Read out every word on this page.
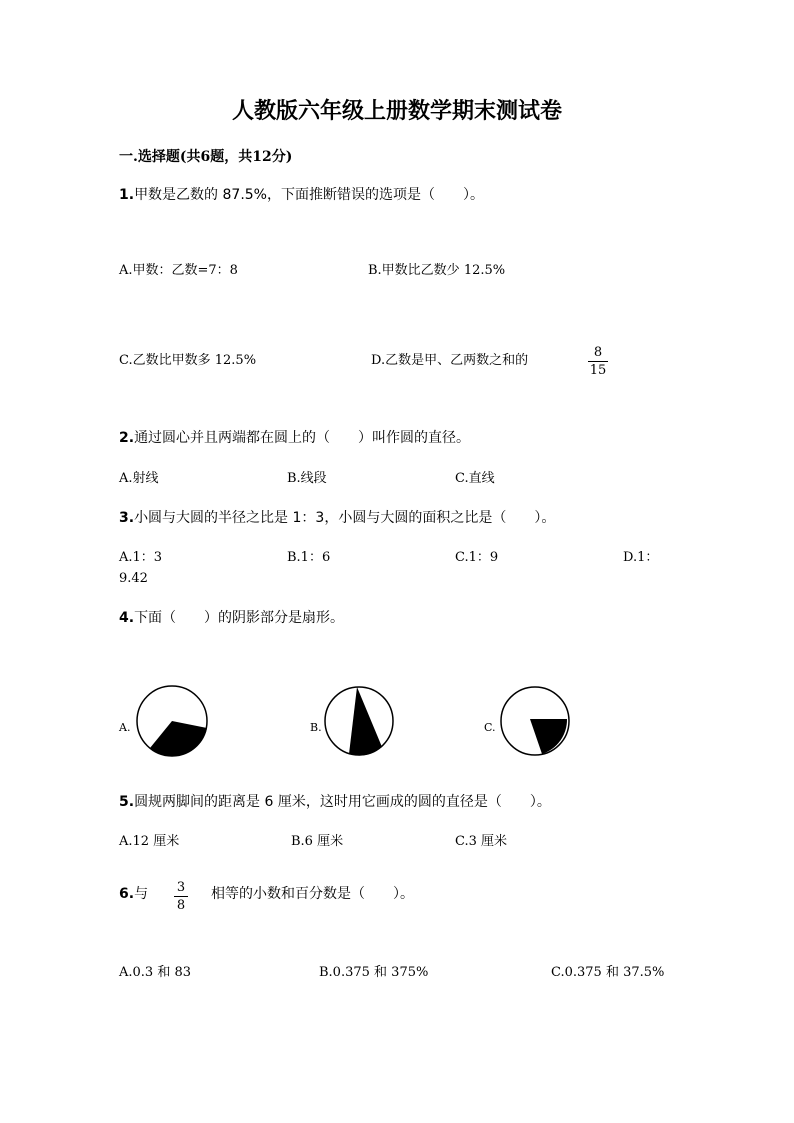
人教版六年级上册数学期末测试卷
一.选择题(共6题，共12分)
1.甲数是乙数的 87.5%，下面推断错误的选项是（　　）。
A.甲数：乙数=7：8	B.甲数比乙数少 12.5%
C.乙数比甲数多 12.5%	D.乙数是甲、乙两数之和的
8
15
2.通过圆心并且两端都在圆上的（　　）叫作圆的直径。
A.射线	B.线段	C.直线
3.小圆与大圆的半径之比是 1：3，小圆与大圆的面积之比是（　　）。
A.1：3	B.1：6	C.1：9	D.1：
9.42
4.下面（　　）的阴影部分是扇形。
A.	B.	C.
5.圆规两脚间的距离是 6 厘米，这时用它画成的圆的直径是（　　）。
A.12 厘米	B.6 厘米	C.3 厘米
6.与 3
8
相等的小数和百分数是（　　）。
A.0.3 和 83	B.0.375 和 375%	C.0.375 和 37.5%
